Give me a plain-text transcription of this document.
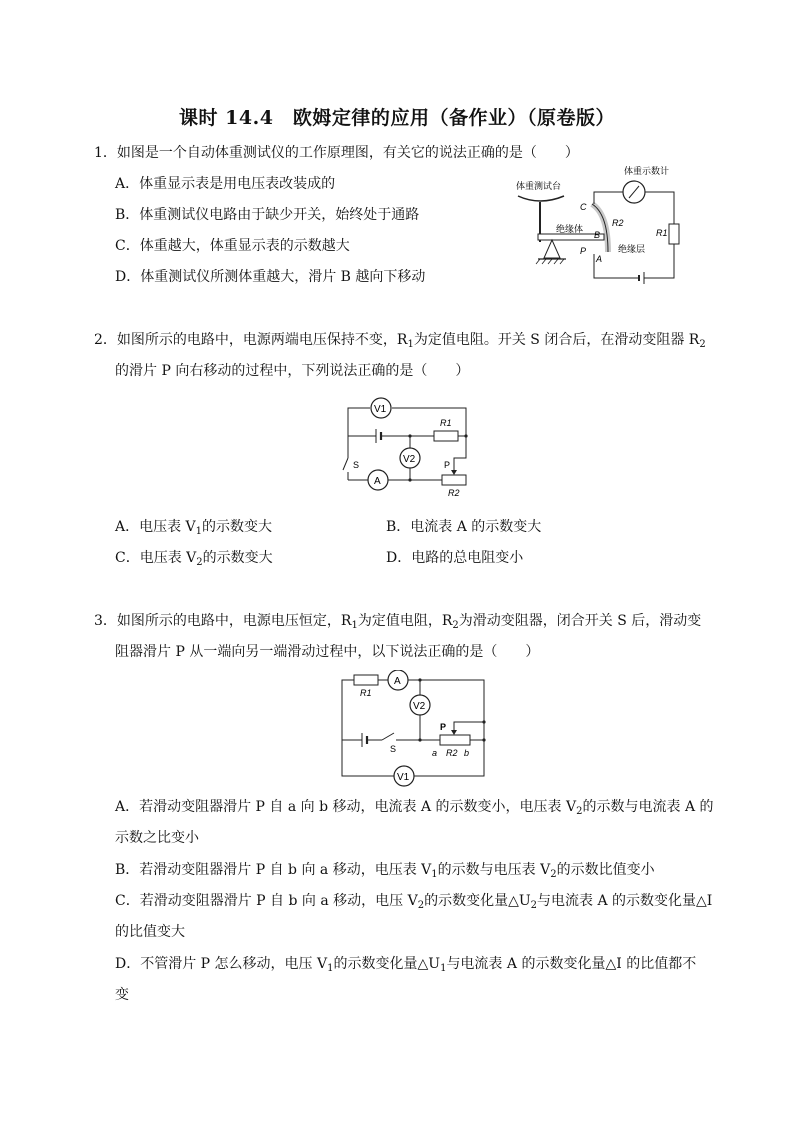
课时 14.4　欧姆定律的应用（备作业）（原卷版）
1．如图是一个自动体重测试仪的工作原理图，有关它的说法正确的是（　　）
A．体重显示表是用电压表改装成的
B．体重测试仪电路由于缺少开关，始终处于通路
C．体重越大，体重显示表的示数越大
D．体重测试仪所测体重越大，滑片 B 越向下移动
体重测试台
绝缘体
C
R2
B
P
A
绝缘层
体重示数计
R1
2．如图所示的电路中，电源两端电压保持不变，$R_1$为定值电阻。开关 S 闭合后，在滑动变阻器 $R_2$
的滑片 P 向右移动的过程中，下列说法正确的是（　　）
V1
R1
V2
S
A
R2
P
A．电压表 $V_1$的示数变大	B．电流表 A 的示数变大
C．电压表 $V_2$的示数变大	D．电路的总电阻变小
3．如图所示的电路中，电源电压恒定，$R_1$为定值电阻，$R_2$为滑动变阻器，闭合开关 S 后，滑动变
阻器滑片 P 从一端向另一端滑动过程中，以下说法正确的是（　　）
R1
A
V2
S	a R2 b
P
V1
A．若滑动变阻器滑片 P 自 a 向 b 移动，电流表 A 的示数变小，电压表 $V_2$的示数与电流表 A 的
示数之比变小
B．若滑动变阻器滑片 P 自 b 向 a 移动，电压表 $V_1$的示数与电压表 $V_2$的示数比值变小
C．若滑动变阻器滑片 P 自 b 向 a 移动，电压 $V_2$的示数变化量$\triangle U_2$与电流表 A 的示数变化量△I
的比值变大
D．不管滑片 P 怎么移动，电压 $V_1$的示数变化量$\triangle U_1$与电流表 A 的示数变化量△I 的比值都不
变
